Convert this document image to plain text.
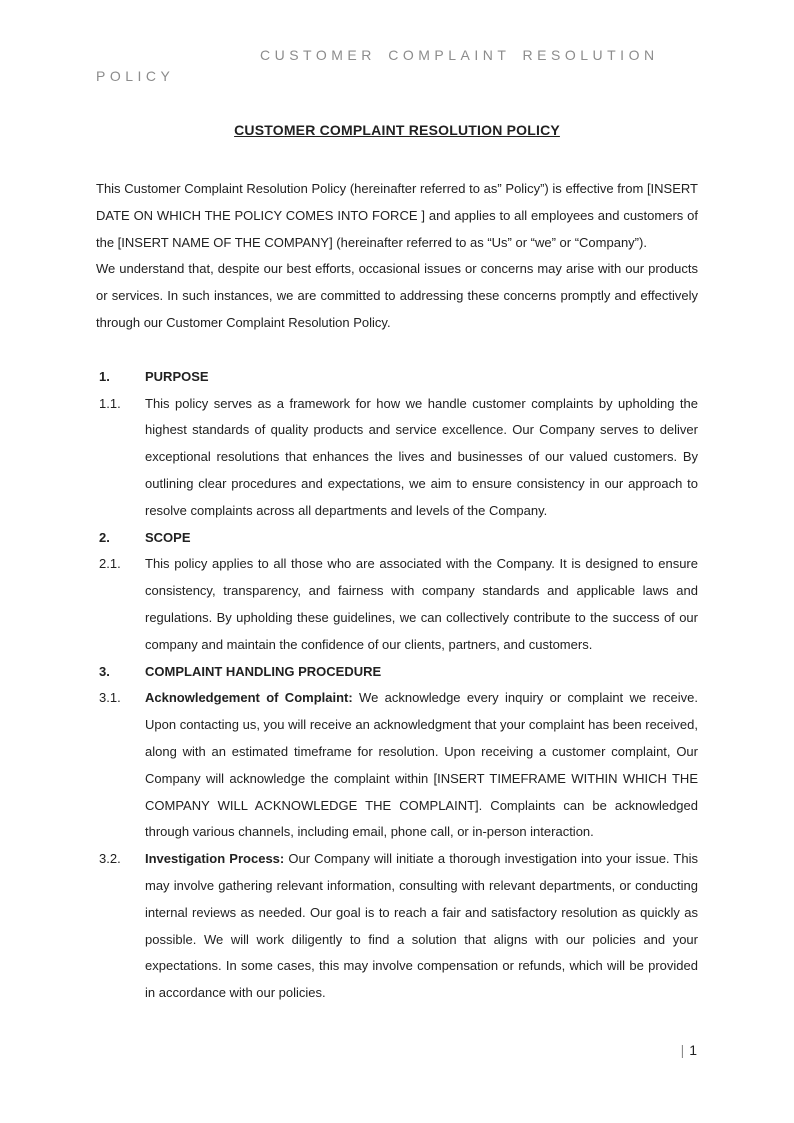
CUSTOMER COMPLAINT RESOLUTION POLICY
CUSTOMER COMPLAINT RESOLUTION POLICY

This Customer Complaint Resolution Policy (hereinafter referred to as” Policy”) is effective from [INSERT DATE ON WHICH THE POLICY COMES INTO FORCE ] and applies to all employees and customers of the [INSERT NAME OF THE COMPANY] (hereinafter referred to as “Us” or “we” or “Company”).

We understand that, despite our best efforts, occasional issues or concerns may arise with our products or services. In such instances, we are committed to addressing these concerns promptly and effectively through our Customer Complaint Resolution Policy.

1.	PURPOSE
1.1.	This policy serves as a framework for how we handle customer complaints by upholding the highest standards of quality products and service excellence. Our Company serves to deliver exceptional resolutions that enhances the lives and businesses of our valued customers. By outlining clear procedures and expectations, we aim to ensure consistency in our approach to resolve complaints across all departments and levels of the Company.
2.	SCOPE
2.1.	This policy applies to all those who are associated with the Company. It is designed to ensure consistency, transparency, and fairness with company standards and applicable laws and regulations. By upholding these guidelines, we can collectively contribute to the success of our company and maintain the confidence of our clients, partners, and customers.
3.	COMPLAINT HANDLING PROCEDURE
3.1.	Acknowledgement of Complaint: We acknowledge every inquiry or complaint we receive. Upon contacting us, you will receive an acknowledgment that your complaint has been received, along with an estimated timeframe for resolution. Upon receiving a customer complaint, Our Company will acknowledge the complaint within [INSERT TIMEFRAME WITHIN WHICH THE COMPANY WILL ACKNOWLEDGE THE COMPLAINT]. Complaints can be acknowledged through various channels, including email, phone call, or in-person interaction.
3.2.	Investigation Process: Our Company will initiate a thorough investigation into your issue. This may involve gathering relevant information, consulting with relevant departments, or conducting internal reviews as needed. Our goal is to reach a fair and satisfactory resolution as quickly as possible. We will work diligently to find a solution that aligns with our policies and your expectations. In some cases, this may involve compensation or refunds, which will be provided in accordance with our policies.
| 1
